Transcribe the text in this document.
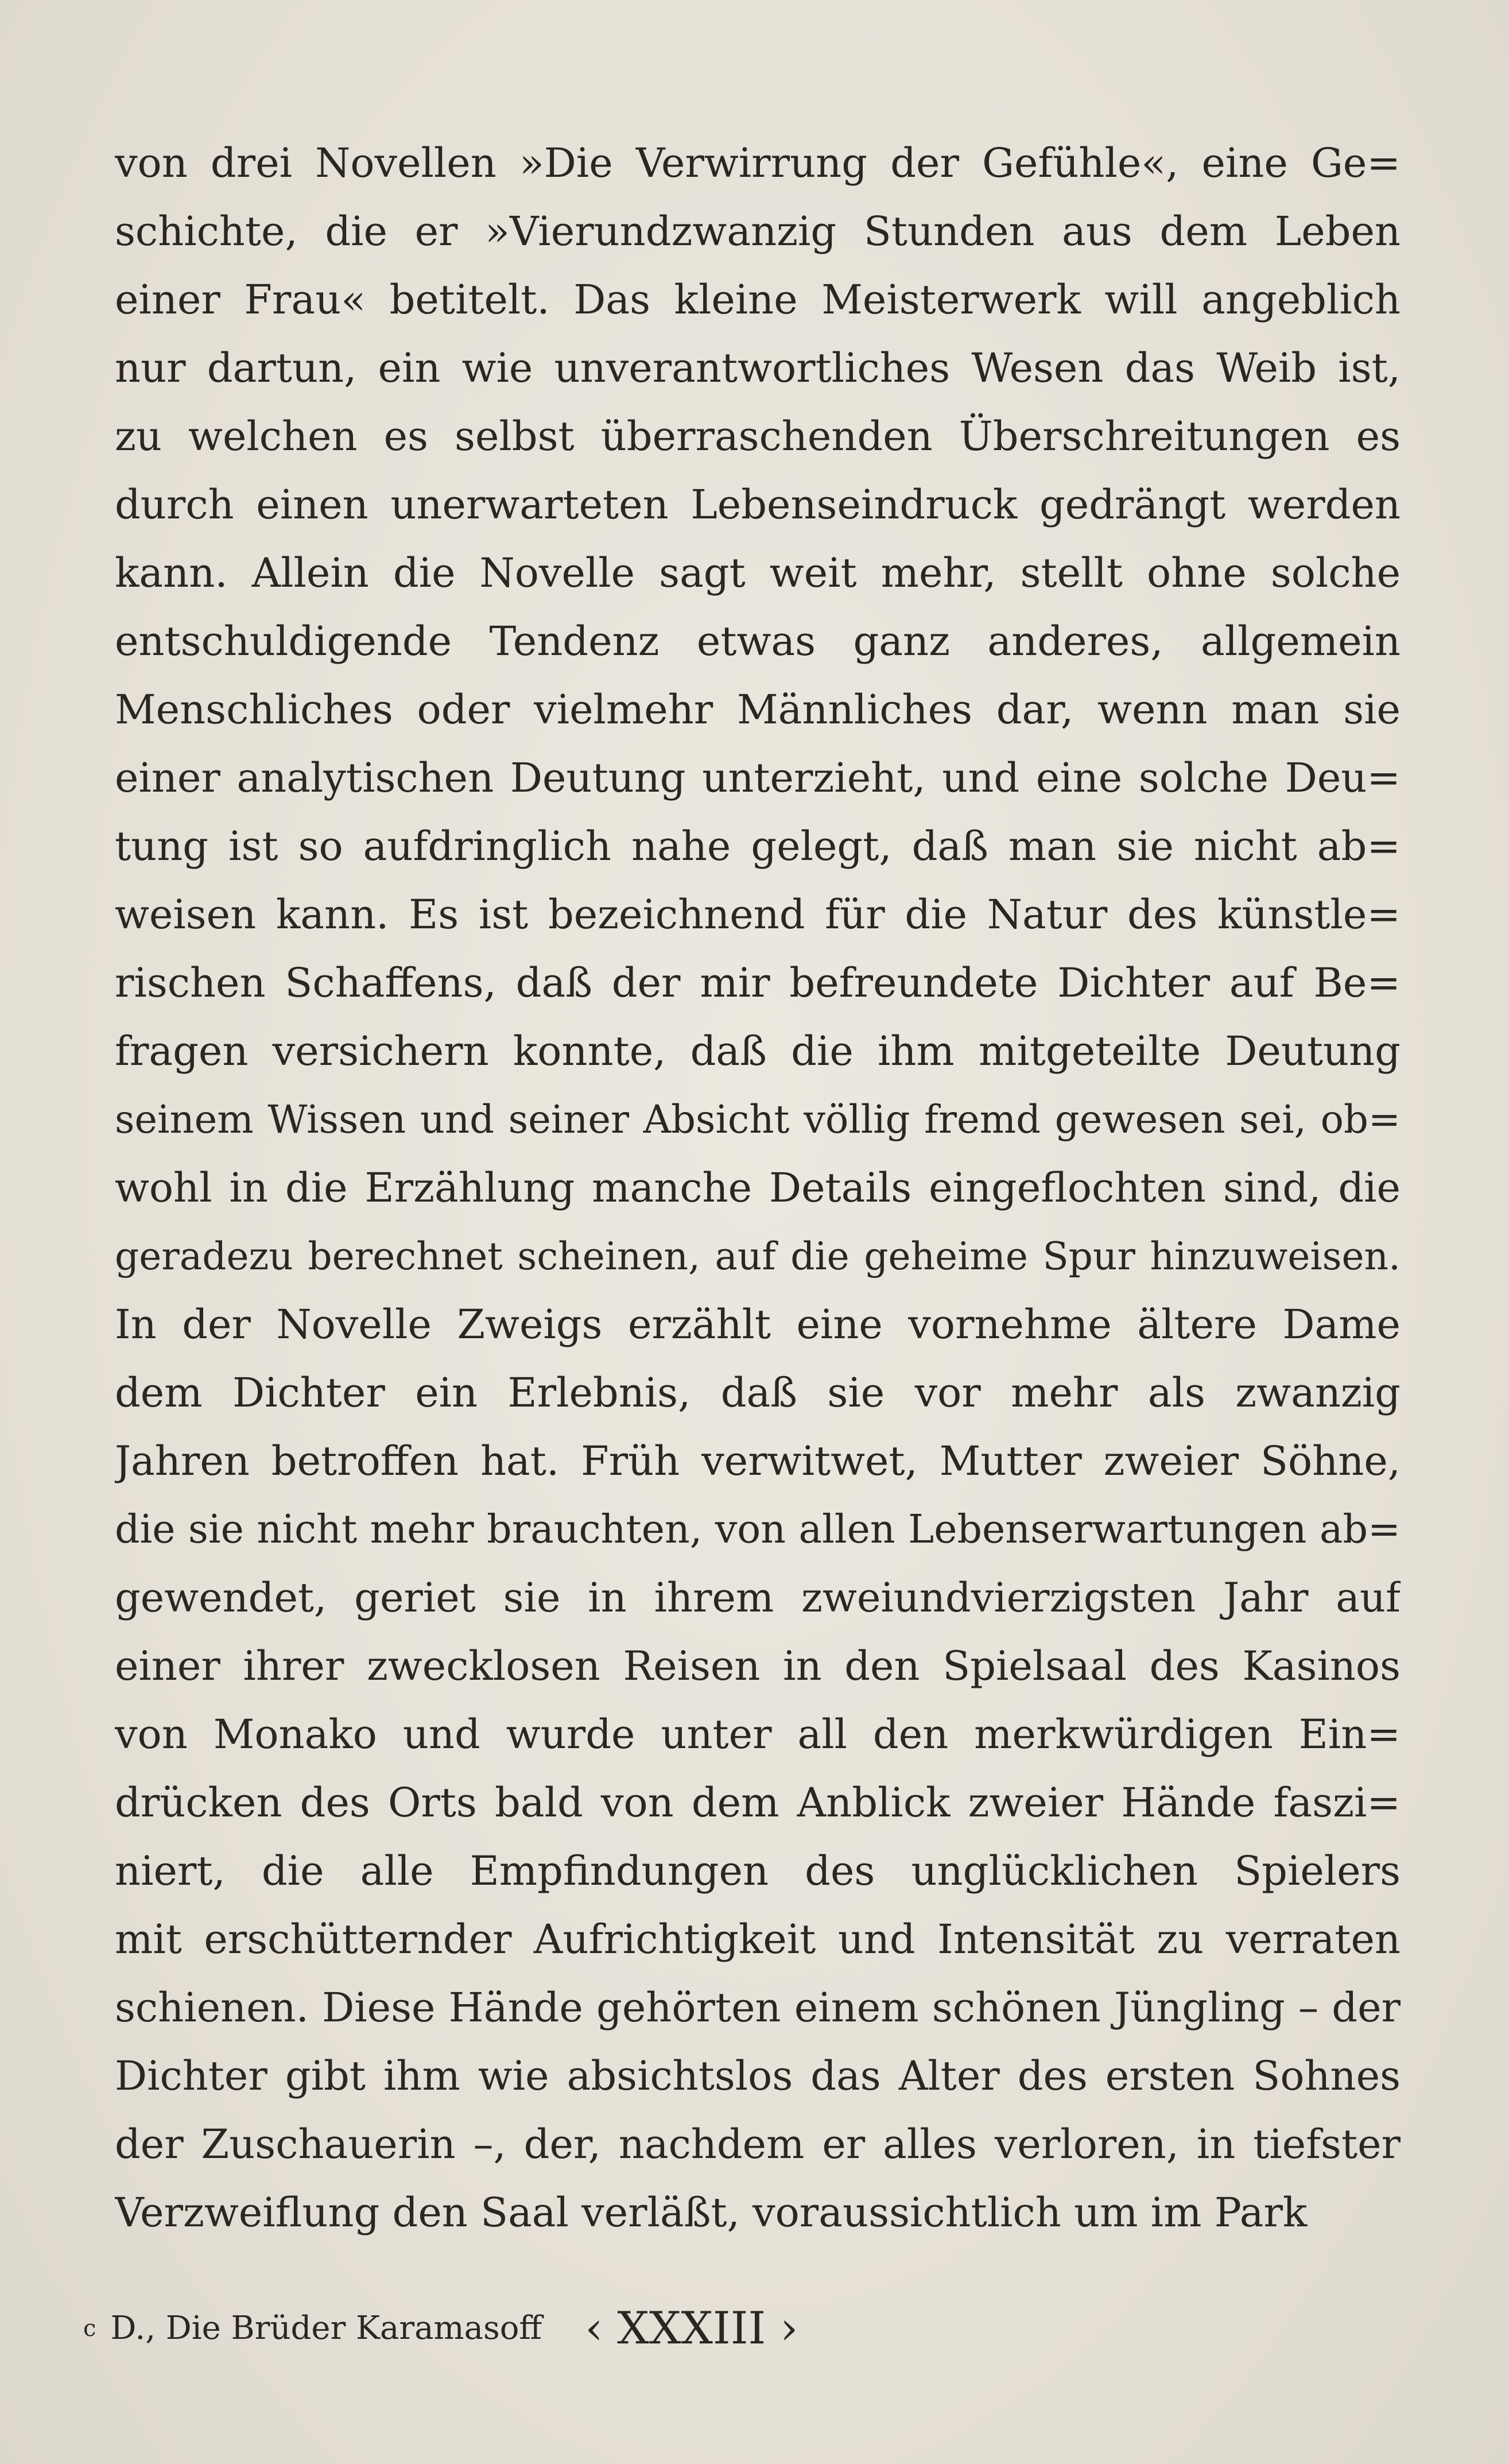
von drei Novellen »Die Verwirrung der Gefühle«, eine Ge=
schichte, die er »Vierundzwanzig Stunden aus dem Leben
einer Frau« betitelt. Das kleine Meisterwerk will angeblich
nur dartun, ein wie unverantwortliches Wesen das Weib ist,
zu welchen es selbst überraschenden Überschreitungen es
durch einen unerwarteten Lebenseindruck gedrängt werden
kann. Allein die Novelle sagt weit mehr, stellt ohne solche
entschuldigende Tendenz etwas ganz anderes, allgemein
Menschliches oder vielmehr Männliches dar, wenn man sie
einer analytischen Deutung unterzieht, und eine solche Deu=
tung ist so aufdringlich nahe gelegt, daß man sie nicht ab=
weisen kann. Es ist bezeichnend für die Natur des künstle=
rischen Schaffens, daß der mir befreundete Dichter auf Be=
fragen versichern konnte, daß die ihm mitgeteilte Deutung
seinem Wissen und seiner Absicht völlig fremd gewesen sei, ob=
wohl in die Erzählung manche Details eingeflochten sind, die
geradezu berechnet scheinen, auf die geheime Spur hinzuweisen.
In der Novelle Zweigs erzählt eine vornehme ältere Dame
dem Dichter ein Erlebnis, daß sie vor mehr als zwanzig
Jahren betroffen hat. Früh verwitwet, Mutter zweier Söhne,
die sie nicht mehr brauchten, von allen Lebenserwartungen ab=
gewendet, geriet sie in ihrem zweiundvierzigsten Jahr auf
einer ihrer zwecklosen Reisen in den Spielsaal des Kasinos
von Monako und wurde unter all den merkwürdigen Ein=
drücken des Orts bald von dem Anblick zweier Hände faszi=
niert, die alle Empfindungen des unglücklichen Spielers
mit erschütternder Aufrichtigkeit und Intensität zu verraten
schienen. Diese Hände gehörten einem schönen Jüngling – der
Dichter gibt ihm wie absichtslos das Alter des ersten Sohnes
der Zuschauerin –, der, nachdem er alles verloren, in tiefster
Verzweiflung den Saal verläßt, voraussichtlich um im Park
c D., Die Brüder Karamasoff ‹ XXXIII ›
